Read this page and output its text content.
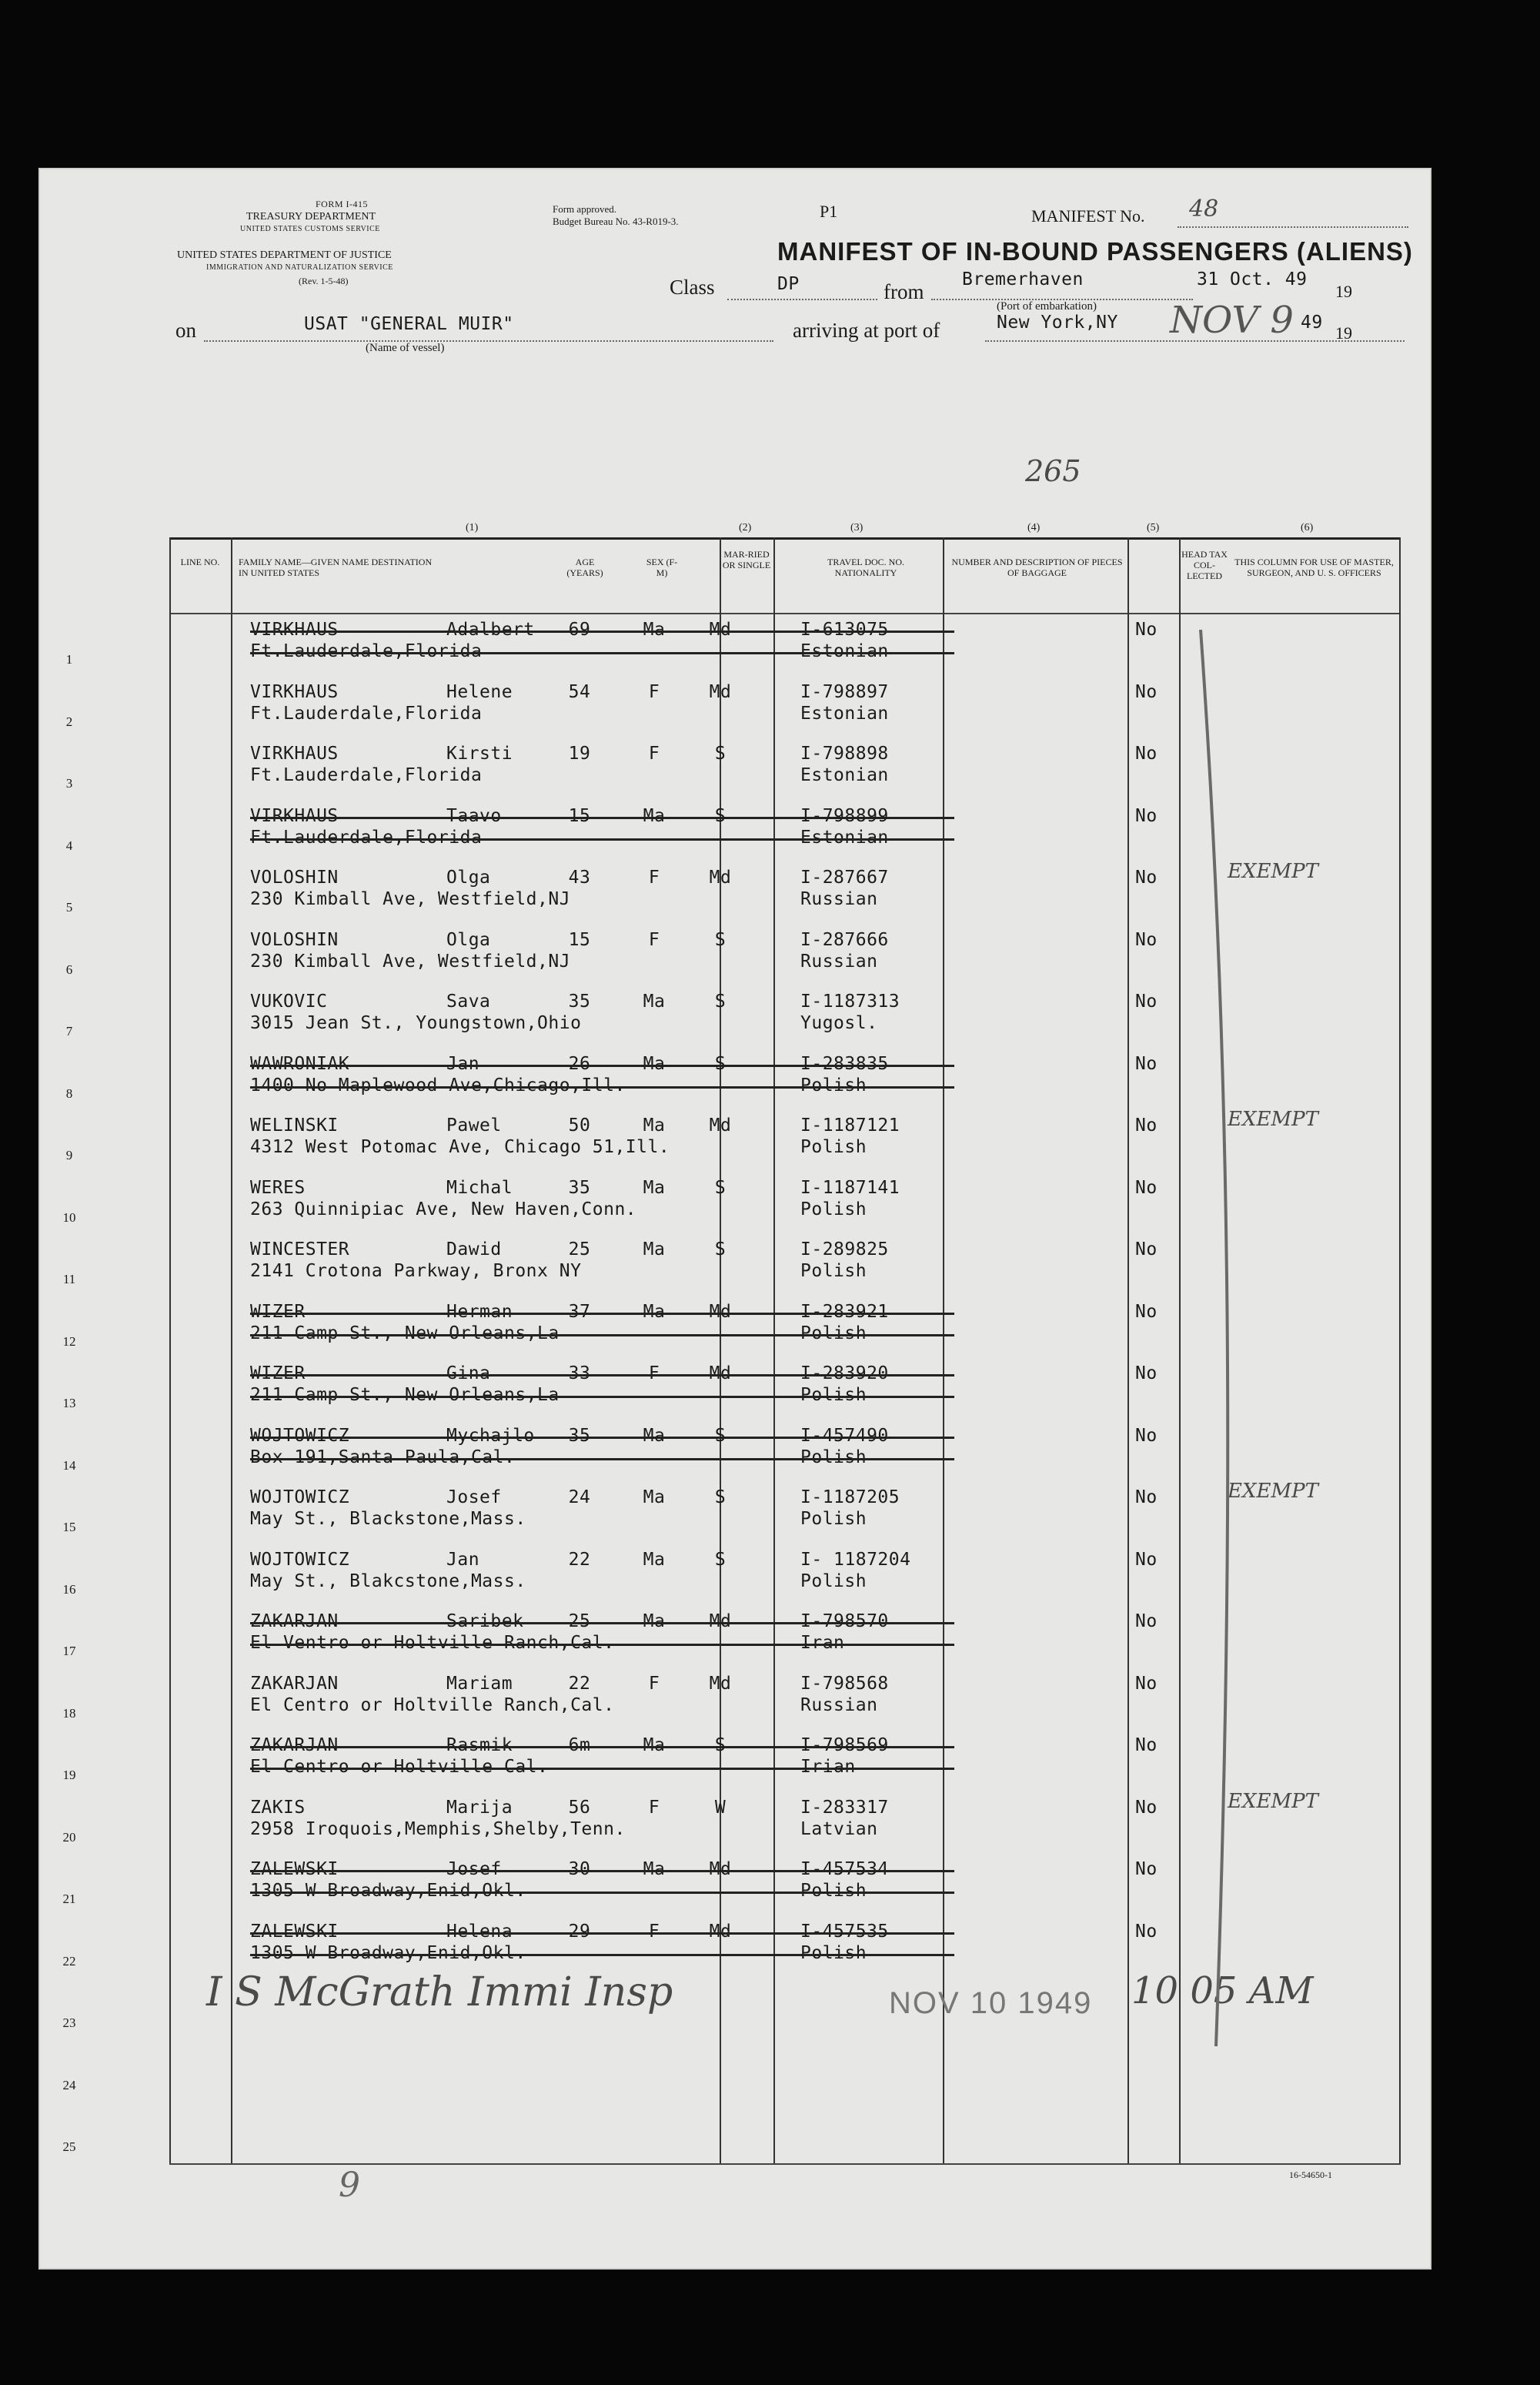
FORM I-415
TREASURY DEPARTMENT
UNITED STATES CUSTOMS SERVICE
UNITED STATES DEPARTMENT OF JUSTICE
IMMIGRATION AND NATURALIZATION SERVICE
(Rev. 1-5-48)
Form approved.
Budget Bureau No. 43-R019-3.
P1	MANIFEST No. 48
MANIFEST OF IN-BOUND PASSENGERS (ALIENS)
Class	DP	from
Bremerhaven
(Port of embarkation)
31 Oct. 49
19
on	USAT "GENERAL MUIR"
(Name of vessel)
arriving at port of	New York,NY NOV 9 49
19
(1)	(2)	(3)	(4)	(5)	(6)
LINE NO.	FAMILY NAME—GIVEN NAME DESTINATION IN UNITED STATES
AGE (YEARS)
SEX (F-M)
MAR-RIED OR SINGLE	TRAVEL DOC. NO. NATIONALITY
NUMBER AND DESCRIPTION OF PIECES OF BAGGAGE
HEAD TAX COL-LECTED
THIS COLUMN FOR USE OF MASTER, SURGEON, AND U. S. OFFICERS
1
VIRKHAUS	Adalbert
Ft.Lauderdale,Florida
69	Ma	Md	I-613075
Estonian
No
2
VIRKHAUS	Helene
Ft.Lauderdale,Florida
54	F	Md	I-798897
Estonian
No
3
VIRKHAUS	Kirsti
Ft.Lauderdale,Florida
19	F	S	I-798898
Estonian
No
4
VIRKHAUS	Taavo
Ft.Lauderdale,Florida
15	Ma	S	I-798899
Estonian
No
5
VOLOSHIN	Olga
230 Kimball Ave, Westfield,NJ
43	F	Md	I-287667
Russian
No	EXEMPT
6
VOLOSHIN	Olga
230 Kimball Ave, Westfield,NJ
15	F	S	I-287666
Russian
No
7
VUKOVIC	Sava
3015 Jean St., Youngstown,Ohio
35	Ma	S	I-1187313
Yugosl.
No
8
WAWRONIAK	Jan
1400 No Maplewood Ave,Chicago,Ill.
26	Ma	S	I-283835
Polish
No
9
WELINSKI	Pawel
4312 West Potomac Ave, Chicago 51,Ill.
50	Ma	Md	I-1187121
Polish
No	EXEMPT
10
WERES	Michal
263 Quinnipiac Ave, New Haven,Conn.
35	Ma	S	I-1187141
Polish
No
11
WINCESTER	Dawid
2141 Crotona Parkway, Bronx NY
25	Ma	S	I-289825
Polish
No
12
WIZER	Herman
211 Camp St., New Orleans,La
37	Ma	Md	I-283921
Polish
No
13
WIZER	Gina
211 Camp St., New Orleans,La
33	F	Md	I-283920
Polish
No
14
WOJTOWICZ	Mychajlo
Box 191,Santa Paula,Cal.
35	Ma	S	I-457490
Polish
No
15
WOJTOWICZ	Josef
May St., Blackstone,Mass.
24	Ma	S	I-1187205
Polish
No	EXEMPT
16
WOJTOWICZ	Jan
May St., Blakcstone,Mass.
22	Ma	S	I- 1187204
Polish
No
17
ZAKARJAN	Saribek
El Ventro or Holtville Ranch,Cal.
25	Ma	Md	I-798570
Iran
No
18
ZAKARJAN	Mariam
El Centro or Holtville Ranch,Cal.
22	F	Md	I-798568
Russian
No
19
ZAKARJAN	Rasmik
El Centro or Holtville Cal.
6m	Ma	S	I-798569
Irian
No
20
ZAKIS	Marija
2958 Iroquois,Memphis,Shelby,Tenn.
56	F	W	I-283317
Latvian
No	EXEMPT
21
ZALEWSKI	Josef
1305 W Broadway,Enid,Okl.
30	Ma	Md	I-457534
Polish
No
22
ZALEWSKI	Helena
1305 W Broadway,Enid,Okl.
29	F	Md	I-457535
Polish
No
23
24
25
265
I S McGrath Immi Insp	NOV 10 1949 10 05 AM
16-54650-1
9
